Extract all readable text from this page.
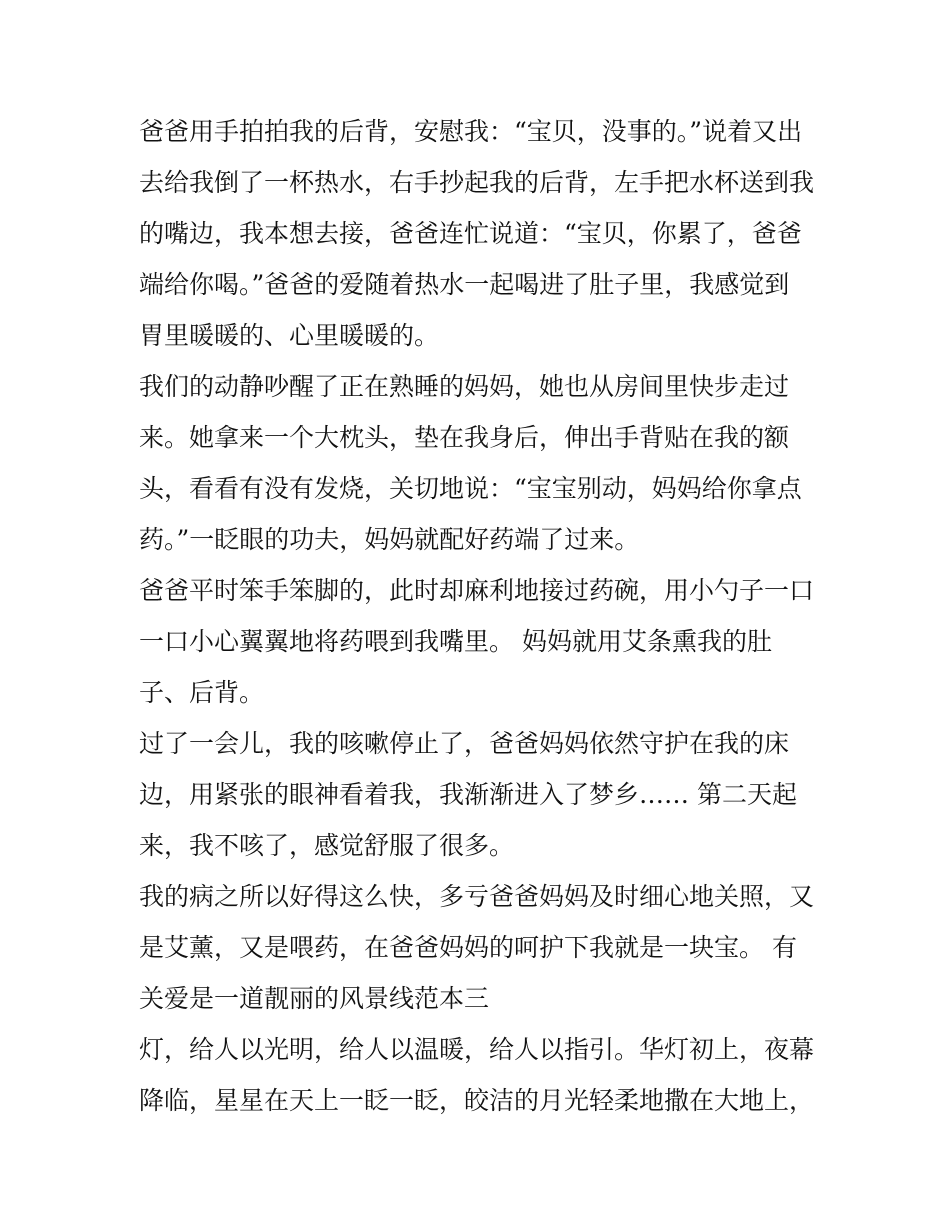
爸爸用手拍拍我的后背，安慰我：“宝贝，没事的。”说着又出
去给我倒了一杯热水，右手抄起我的后背，左手把水杯送到我
的嘴边，我本想去接，爸爸连忙说道：“宝贝，你累了，爸爸
端给你喝。”爸爸的爱随着热水一起喝进了肚子里，我感觉到
胃里暖暖的、心里暖暖的。
我们的动静吵醒了正在熟睡的妈妈，她也从房间里快步走过
来。她拿来一个大枕头，垫在我身后，伸出手背贴在我的额
头，看看有没有发烧，关切地说：“宝宝别动，妈妈给你拿点
药。”一眨眼的功夫，妈妈就配好药端了过来。
爸爸平时笨手笨脚的，此时却麻利地接过药碗，用小勺子一口
一口小心翼翼地将药喂到我嘴里。 妈妈就用艾条熏我的肚
子、后背。
过了一会儿，我的咳嗽停止了，爸爸妈妈依然守护在我的床
边，用紧张的眼神看着我，我渐渐进入了梦乡…… 第二天起
来，我不咳了，感觉舒服了很多。
我的病之所以好得这么快，多亏爸爸妈妈及时细心地关照，又
是艾薰，又是喂药，在爸爸妈妈的呵护下我就是一块宝。 有
关爱是一道靓丽的风景线范本三
灯，给人以光明，给人以温暖，给人以指引。华灯初上，夜幕
降临，星星在天上一眨一眨，皎洁的月光轻柔地撒在大地上，
